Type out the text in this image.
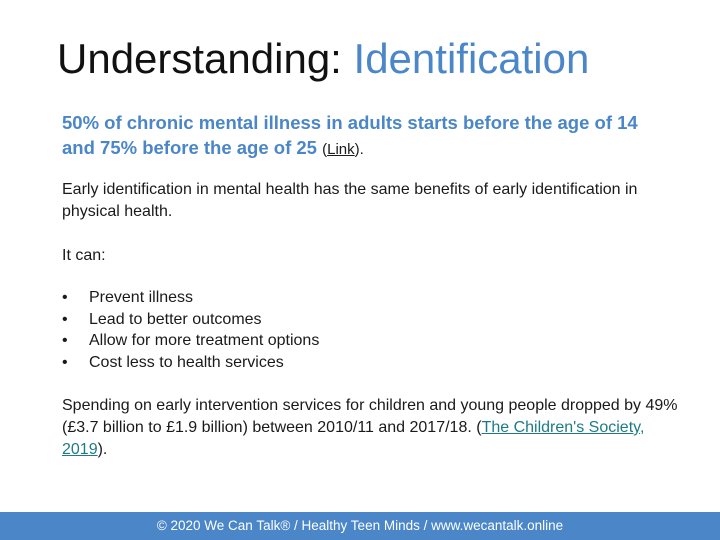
Understanding: Identification
50% of chronic mental illness in adults starts before the age of 14 and 75% before the age of 25 (Link).
Early identification in mental health has the same benefits of early identification in physical health.
It can:
• Prevent illness
• Lead to better outcomes
• Allow for more treatment options
• Cost less to health services
Spending on early intervention services for children and young people dropped by 49% (£3.7 billion to £1.9 billion) between 2010/11 and 2017/18. (The Children's Society, 2019).
© 2020 We Can Talk® / Healthy Teen Minds / www.wecantalk.online
